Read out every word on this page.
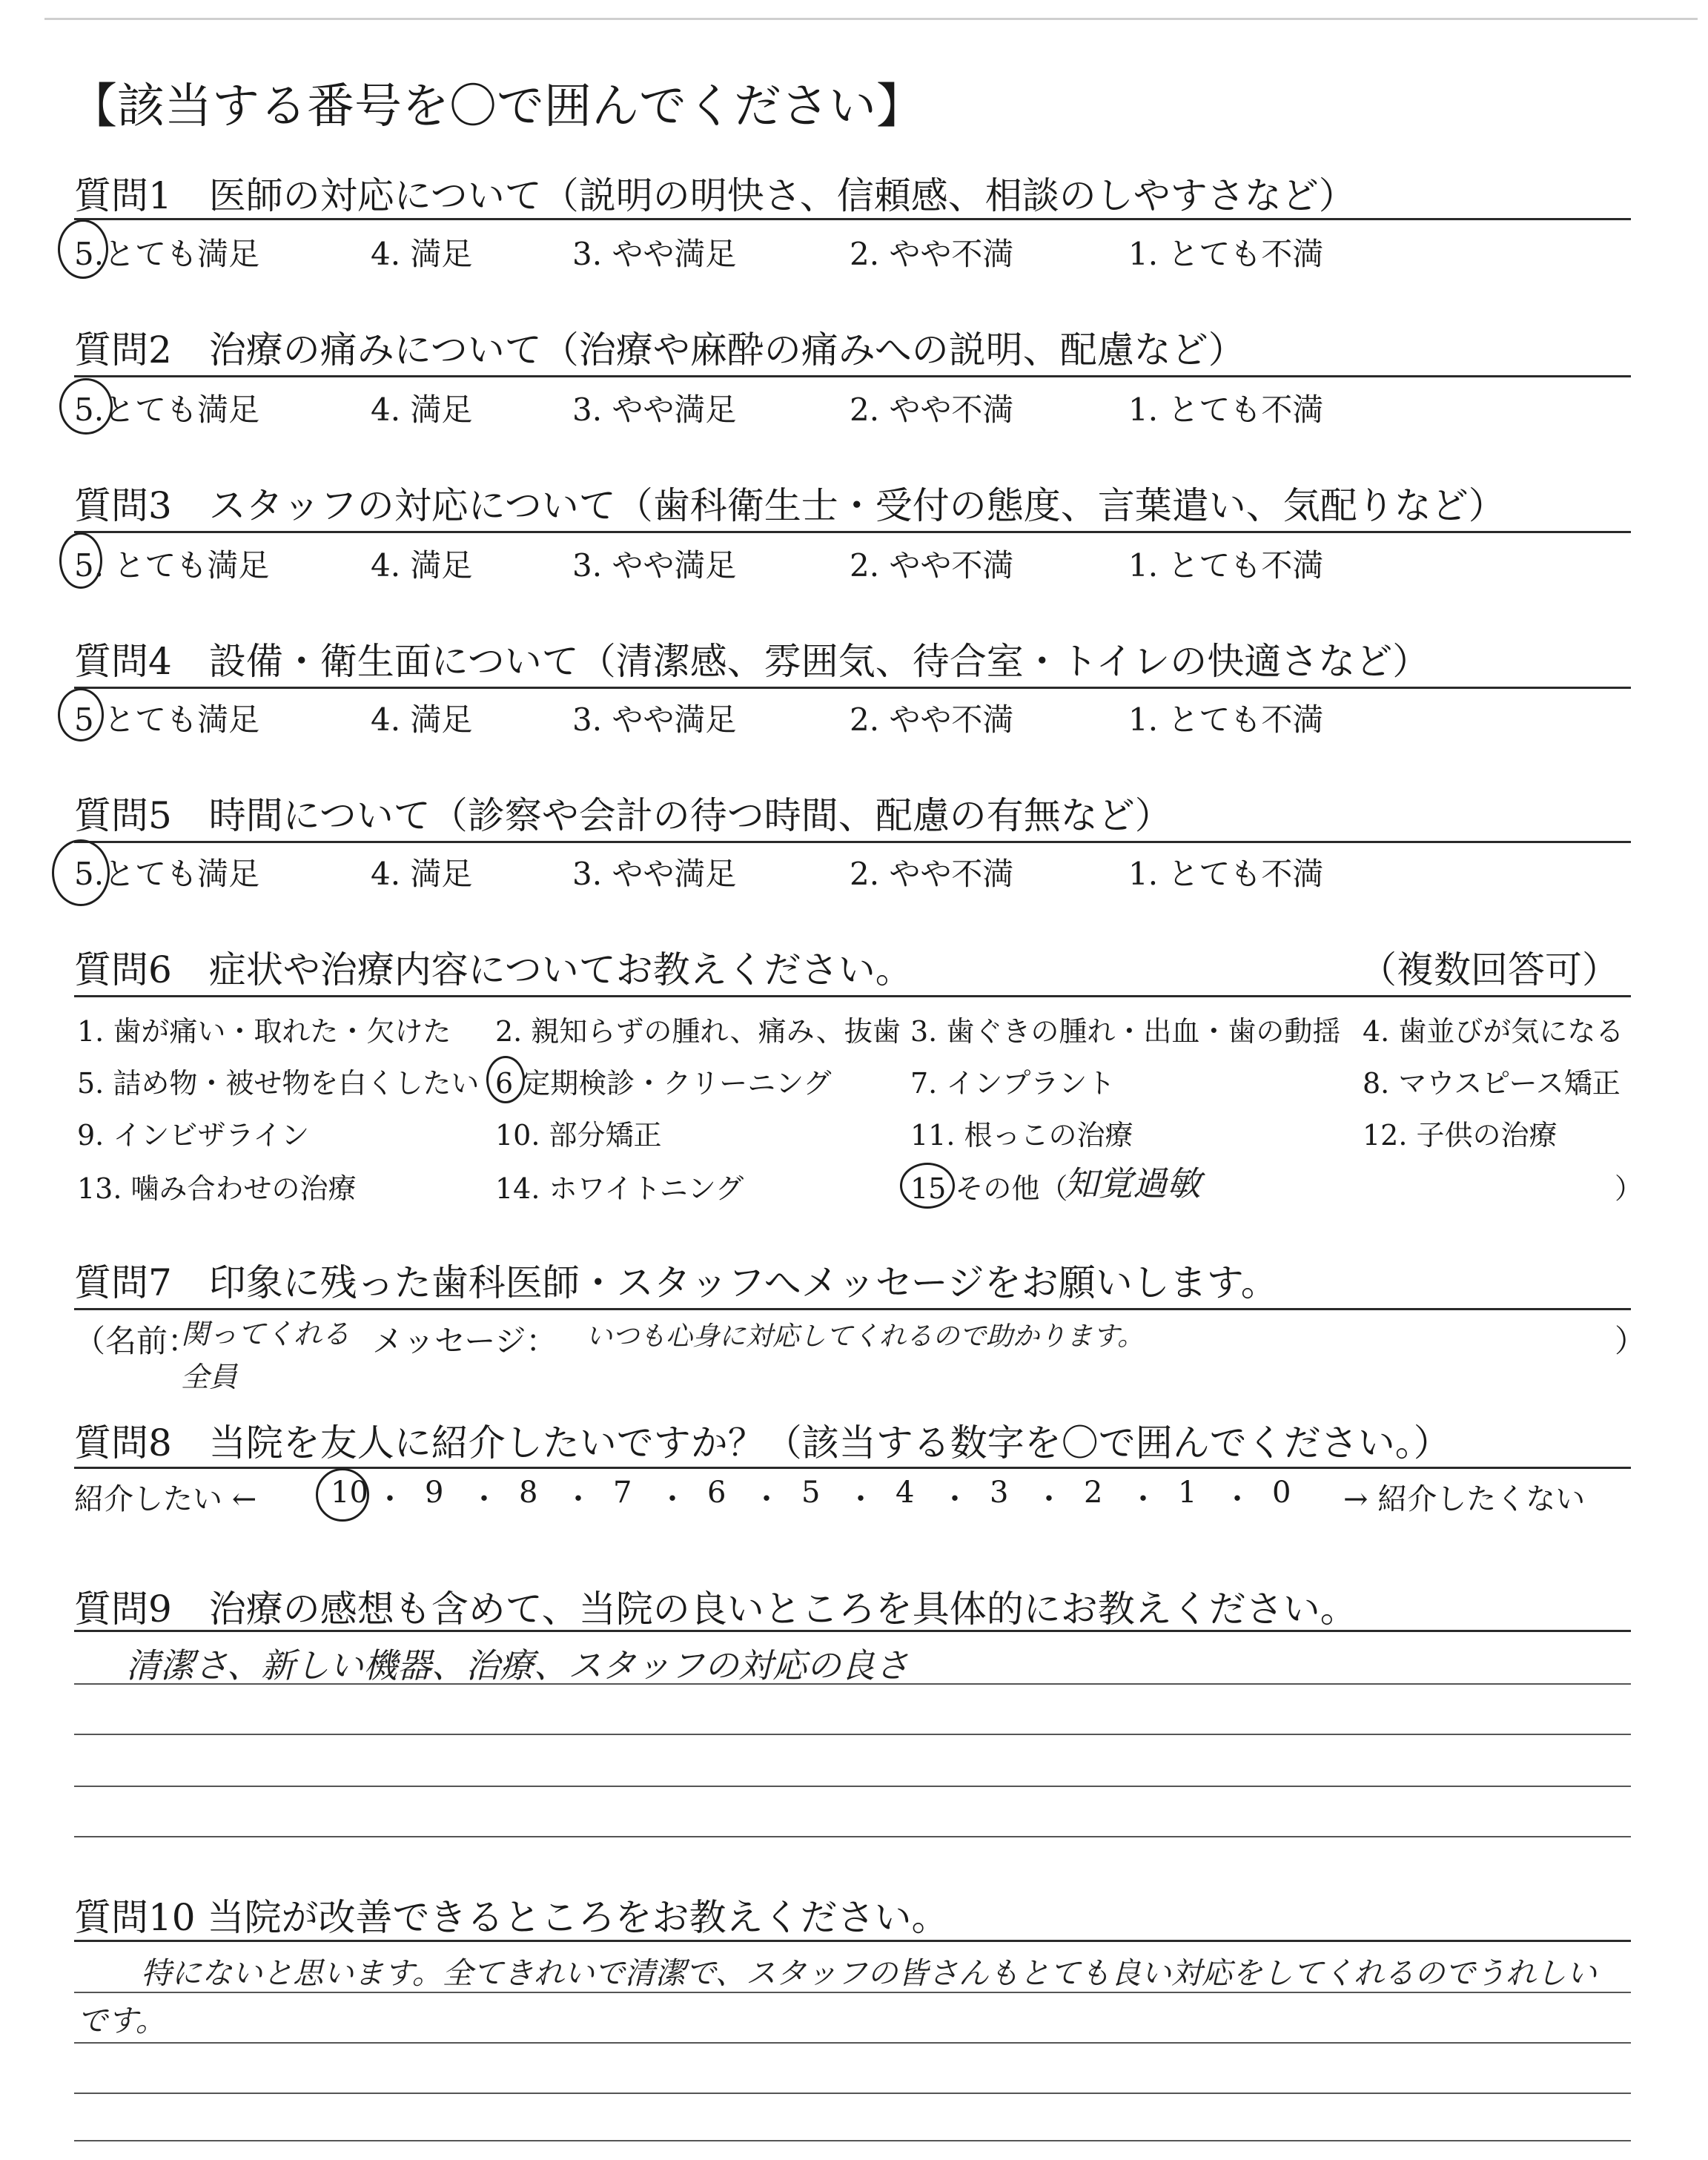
【該当する番号を〇で囲んでください】
質問1　医師の対応について（説明の明快さ、信頼感、相談のしやすさなど）
5.とても満足	4. 満足	3. やや満足	2. やや不満	1. とても不満
質問2　治療の痛みについて（治療や麻酔の痛みへの説明、配慮など）
5.とても満足	4. 満足	3. やや満足	2. やや不満	1. とても不満
質問3　スタッフの対応について（歯科衛生士・受付の態度、言葉遣い、気配りなど）
5. とても満足	4. 満足	3. やや満足	2. やや不満	1. とても不満
質問4　設備・衛生面について（清潔感、雰囲気、待合室・トイレの快適さなど）
5 とても満足	4. 満足	3. やや満足	2. やや不満	1. とても不満
質問5　時間について（診察や会計の待つ時間、配慮の有無など）
5.とても満足	4. 満足	3. やや満足	2. やや不満	1. とても不満
質問6　症状や治療内容についてお教えください。	（複数回答可）
1. 歯が痛い・取れた・欠けた 2. 親知らずの腫れ、痛み、抜歯 3. 歯ぐきの腫れ・出血・歯の動揺 4. 歯並びが気になる
5. 詰め物・被せ物を白くしたい 6 定期検診・クリーニング	7. インプラント	8. マウスピース矯正
9. インビザライン	10. 部分矯正	11. 根っこの治療	12. 子供の治療
13. 噛み合わせの治療	14. ホワイトニング	15 その他（
知覚過敏	）
質問7　印象に残った歯科医師・スタッフへメッセージをお願いします。
（名前：
関ってくれる
全員
メッセージ： いつも心身に対応してくれるので助かります。	）
質問8　当院を友人に紹介したいですか？（該当する数字を〇で囲んでください。）
紹介したい ← 10 ・ 9 ・ 8 ・ 7 ・ 6 ・ 5 ・ 4 ・ 3 ・ 2 ・ 1 ・ 0 → 紹介したくない
質問9　治療の感想も含めて、当院の良いところを具体的にお教えください。
清潔さ、新しい機器、治療、スタッフの対応の良さ
質問10 当院が改善できるところをお教えください。
特にないと思います。全てきれいで清潔で、スタッフの皆さんもとても良い対応をしてくれるのでうれしい
です。
